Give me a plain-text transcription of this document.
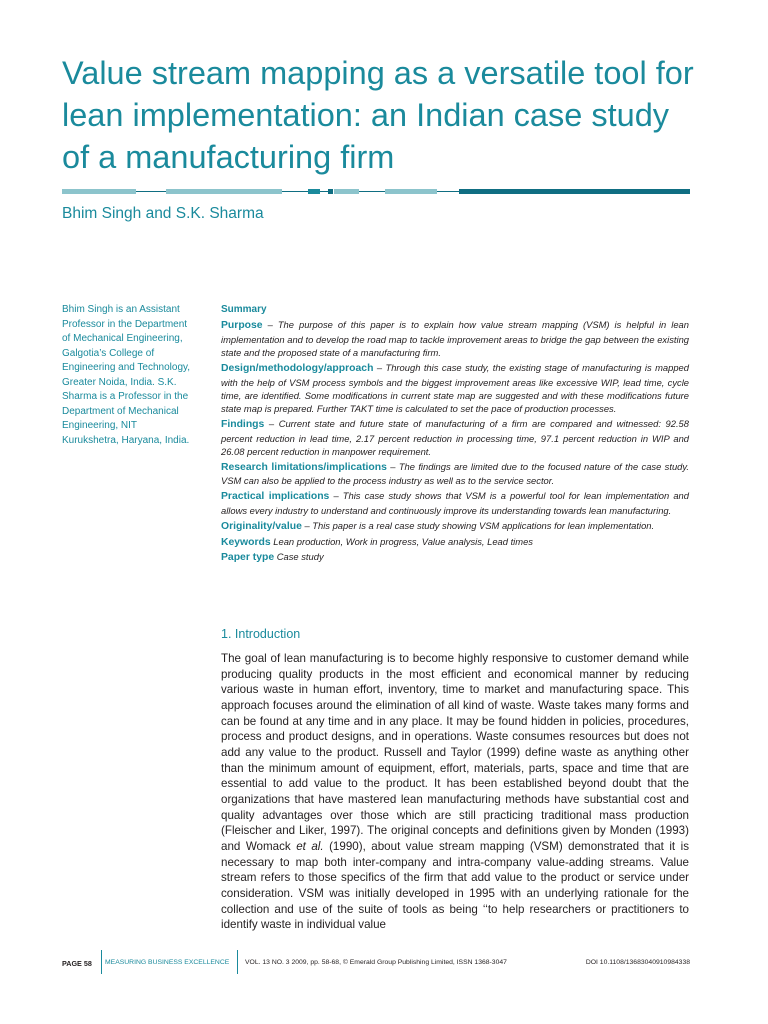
Value stream mapping as a versatile tool for lean implementation: an Indian case study of a manufacturing firm
Bhim Singh and S.K. Sharma
Bhim Singh is an Assistant Professor in the Department of Mechanical Engineering, Galgotia’s College of Engineering and Technology, Greater Noida, India. S.K. Sharma is a Professor in the Department of Mechanical Engineering, NIT Kurukshetra, Haryana, India.
Summary
Purpose – The purpose of this paper is to explain how value stream mapping (VSM) is helpful in lean implementation and to develop the road map to tackle improvement areas to bridge the gap between the existing state and the proposed state of a manufacturing firm.
Design/methodology/approach – Through this case study, the existing stage of manufacturing is mapped with the help of VSM process symbols and the biggest improvement areas like excessive WIP, lead time, cycle time, are identified. Some modifications in current state map are suggested and with these modifications future state map is prepared. Further TAKT time is calculated to set the pace of production processes.
Findings – Current state and future state of manufacturing of a firm are compared and witnessed: 92.58 percent reduction in lead time, 2.17 percent reduction in processing time, 97.1 percent reduction in WIP and 26.08 percent reduction in manpower requirement.
Research limitations/implications – The findings are limited due to the focused nature of the case study. VSM can also be applied to the process industry as well as to the service sector.
Practical implications – This case study shows that VSM is a powerful tool for lean implementation and allows every industry to understand and continuously improve its understanding towards lean manufacturing.
Originality/value – This paper is a real case study showing VSM applications for lean implementation.
Keywords Lean production, Work in progress, Value analysis, Lead times
Paper type Case study
1. Introduction

The goal of lean manufacturing is to become highly responsive to customer demand while producing quality products in the most efficient and economical manner by reducing various waste in human effort, inventory, time to market and manufacturing space. This approach focuses around the elimination of all kind of waste. Waste takes many forms and can be found at any time and in any place. It may be found hidden in policies, procedures, process and product designs, and in operations. Waste consumes resources but does not add any value to the product. Russell and Taylor (1999) define waste as anything other than the minimum amount of equipment, effort, materials, parts, space and time that are essential to add value to the product. It has been established beyond doubt that the organizations that have mastered lean manufacturing methods have substantial cost and quality advantages over those which are still practicing traditional mass production (Fleischer and Liker, 1997). The original concepts and definitions given by Monden (1993) and Womack et al. (1990), about value stream mapping (VSM) demonstrated that it is necessary to map both inter-company and intra-company value-adding streams. Value stream refers to those specifics of the firm that add value to the product or service under consideration. VSM was initially developed in 1995 with an underlying rationale for the collection and use of the suite of tools as being ‘‘to help researchers or practitioners to identify waste in individual value

PAGE 58 MEASURING BUSINESS EXCELLENCE VOL. 13 NO. 3 2009, pp. 58-68, © Emerald Group Publishing Limited, ISSN 1368-3047	DOI 10.1108/13683040910984338
